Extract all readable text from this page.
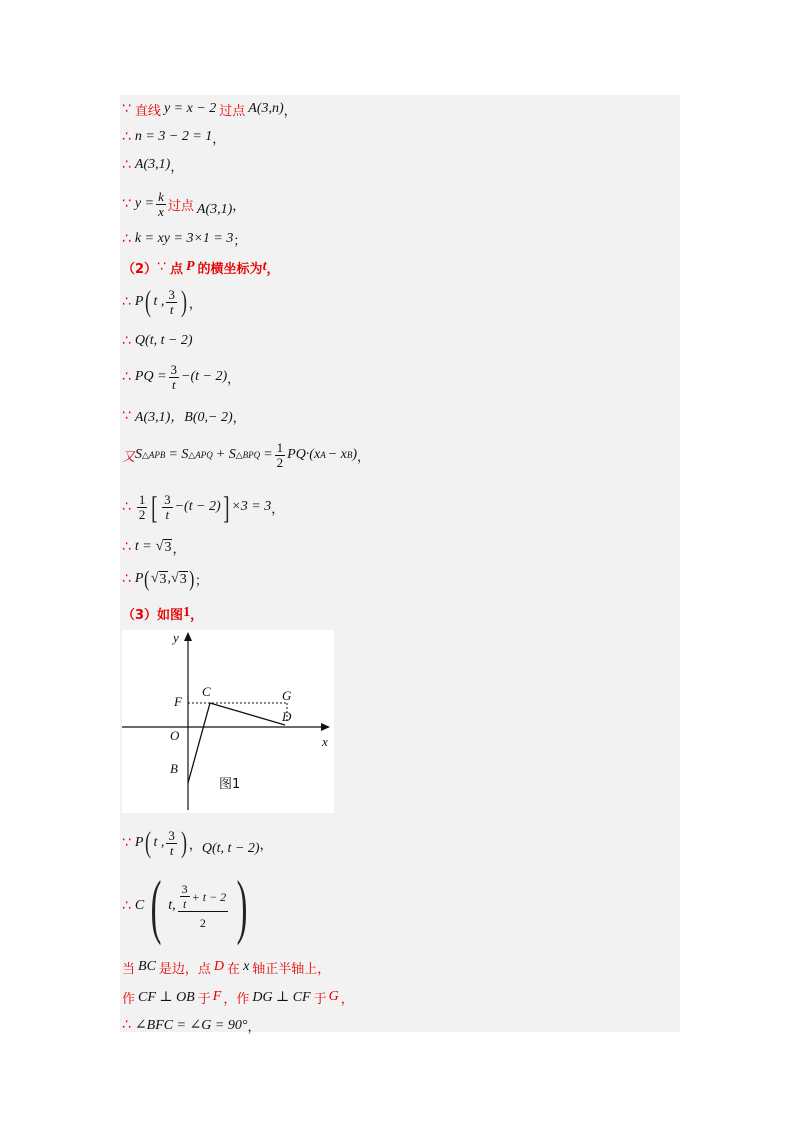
∵ 直线 y = x − 2 过点 A(3,n) ，
∴ n = 3 − 2 = 1 ，
∴ A(3,1) ，
∵ $y = \frac{k}{x}$ 过点 A(3,1) ，
∴ k = xy = 3×1 = 3 ；
（2） ∵ 点 P 的横坐标为 t ，
∴ P ( t , $\frac{3}{t}$ ) ，
∴ Q(t, t − 2)
∴ PQ = $\frac{3}{t} -(t - 2)$ ，
∵ A(3,1)，B(0,− 2) ，
又 S △APB = S △APQ + S △BPQ = $\frac{1}{2} PQ\cdot(x$ A − x B ) ，
∴ $\frac{1}{2}$ [ $\frac{3}{t} -(t - 2)$ ] ×3 = 3 ，
∴ t = √ 3 ，
∴ P ( √ 3 , √ 3 ) ；
（3） 如图 1 ，
y
x
O
F
C	G
D
B
图1
∵ P ( t , $\frac{3}{t}$ ) ， Q(t, t − 2) ，
∴ C ( t, $\frac{\frac{3}{t} + t - 2}{2}$ )
当 BC 是边，点 D 在 x 轴正半轴上，
作 CF ⊥ OB 于 F ，作 DG ⊥ CF 于 G ，
∴ ∠BFC = ∠G = 90° ，
